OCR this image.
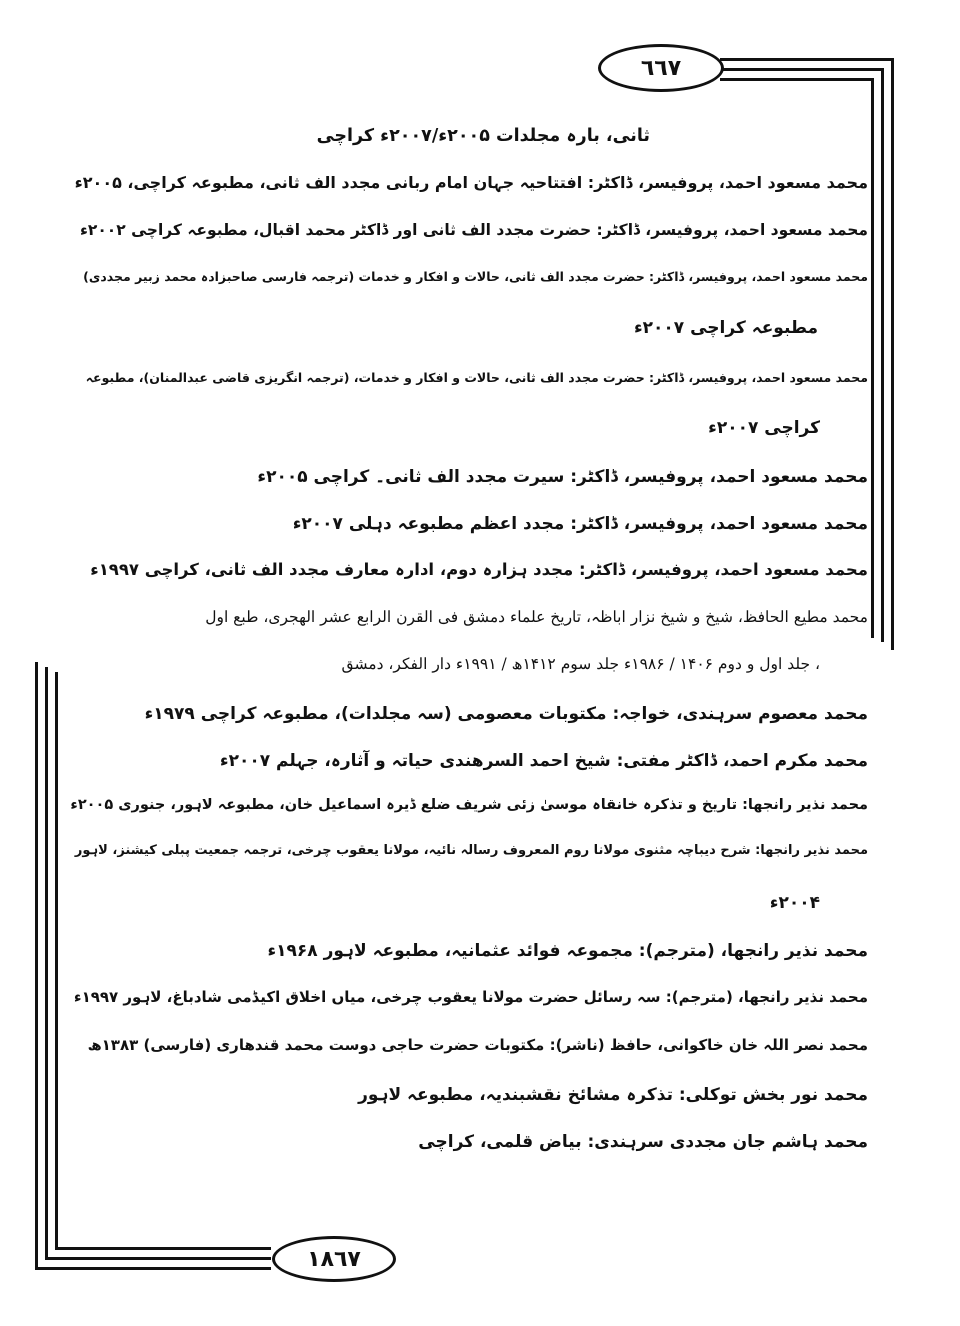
٦٦٧
۱۸٦٧
ثانی، بارہ مجلدات ۲۰۰۵ء/۲۰۰۷ء کراچی
محمد مسعود احمد، پروفیسر، ڈاکٹر: افتتاحیہ جہان امام ربانی مجدد الف ثانی، مطبوعہ کراچی، ۲۰۰۵ء
محمد مسعود احمد، پروفیسر، ڈاکٹر: حضرت مجدد الف ثانی اور ڈاکٹر محمد اقبال، مطبوعہ کراچی ۲۰۰۲ء
محمد مسعود احمد، پروفیسر، ڈاکٹر: حضرت مجدد الف ثانی، حالات و افکار و خدمات (ترجمہ فارسی صاحبزادہ محمد زبیر مجددی)
مطبوعہ کراچی ۲۰۰۷ء
محمد مسعود احمد، پروفیسر، ڈاکٹر: حضرت مجدد الف ثانی، حالات و افکار و خدمات، (ترجمہ انگریزی قاضی عبدالمنان)، مطبوعہ
کراچی ۲۰۰۷ء
محمد مسعود احمد، پروفیسر، ڈاکٹر: سیرت مجدد الف ثانی۔ کراچی ۲۰۰۵ء
محمد مسعود احمد، پروفیسر، ڈاکٹر: مجدد اعظم مطبوعہ دہلی ۲۰۰۷ء
محمد مسعود احمد، پروفیسر، ڈاکٹر: مجدد ہزارہ دوم، ادارہ معارف مجدد الف ثانی، کراچی ۱۹۹۷ء
محمد مطیع الحافظ، شیخ و شیخ نزار اباظہ، تاریخ علماء دمشق فی القرن الرابع عشر الھجری، طبع اول
، جلد اول و دوم ۱۴۰۶ / ۱۹۸۶ء جلد سوم ۱۴۱۲ھ / ۱۹۹۱ء دار الفکر، دمشق
محمد معصوم سرہندی، خواجہ: مکتوبات معصومی (سہ مجلدات)، مطبوعہ کراچی ۱۹۷۹ء
محمد مکرم احمد، ڈاکٹر مفتی: شیخ احمد السرھندی حیاتہ و آثارہ، جہلم ۲۰۰۷ء
محمد نذیر رانجھا: تاریخ و تذکرہ خانقاہ موسیٰ زئی شریف ضلع ڈیرہ اسماعیل خان، مطبوعہ لاہور، جنوری ۲۰۰۵ء
محمد نذیر رانجھا: شرح دیباچہ مثنوی مولانا روم المعروف رسالہ نائیہ، مولانا یعقوب چرخی، ترجمہ جمعیت پبلی کیشنز، لاہور
۲۰۰۴ء
محمد نذیر رانجھا، (مترجم): مجموعہ فوائد عثمانیہ، مطبوعہ لاہور ۱۹۶۸ء
محمد نذیر رانجھا، (مترجم): سہ رسائل حضرت مولانا یعقوب چرخی، میاں اخلاق اکیڈمی شادباغ، لاہور ۱۹۹۷ء
محمد نصر اللہ خان خاکوانی، حافظ (ناشر): مکتوبات حضرت حاجی دوست محمد قندھاری (فارسی) ۱۳۸۳ھ
محمد نور بخش توکلی: تذکرہ مشائخ نقشبندیہ، مطبوعہ لاہور
محمد ہاشم جان مجددی سرہندی: بیاض قلمی، کراچی
